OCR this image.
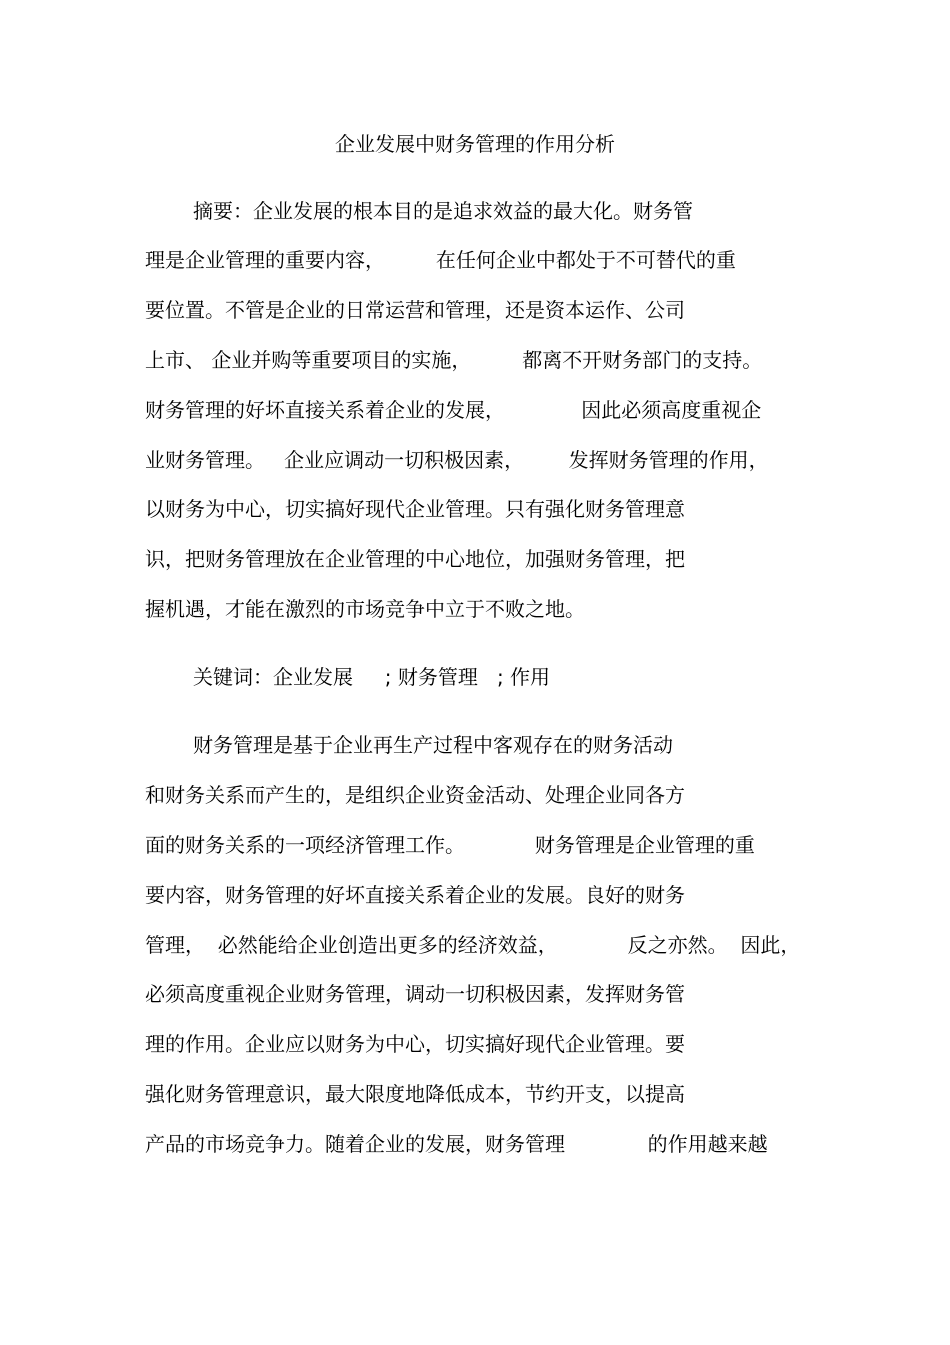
企业发展中财务管理的作用分析
摘要：企业发展的根本目的是追求效益的最大化。财务管
理是企业管理的重要内容，        在任何企业中都处于不可替代的重
要位置。不管是企业的日常运营和管理，还是资本运作、公司
上市、 企业并购等重要项目的实施，        都离不开财务部门的支持。
财务管理的好坏直接关系着企业的发展，            因此必须高度重视企
业财务管理。   企业应调动一切积极因素，       发挥财务管理的作用，
以财务为中心，切实搞好现代企业管理。只有强化财务管理意
识，把财务管理放在企业管理的中心地位，加强财务管理，把
握机遇，才能在激烈的市场竞争中立于不败之地。
关键词：企业发展     ; 财务管理   ; 作用
财务管理是基于企业再生产过程中客观存在的财务活动
和财务关系而产生的，是组织企业资金活动、处理企业同各方
面的财务关系的一项经济管理工作。           财务管理是企业管理的重
要内容，财务管理的好坏直接关系着企业的发展。良好的财务
管理，  必然能给企业创造出更多的经济效益，           反之亦然。  因此，
必须高度重视企业财务管理，调动一切积极因素，发挥财务管
理的作用。企业应以财务为中心，切实搞好现代企业管理。要
强化财务管理意识，最大限度地降低成本，节约开支，以提高
产品的市场竞争力。随着企业的发展，财务管理             的作用越来越
